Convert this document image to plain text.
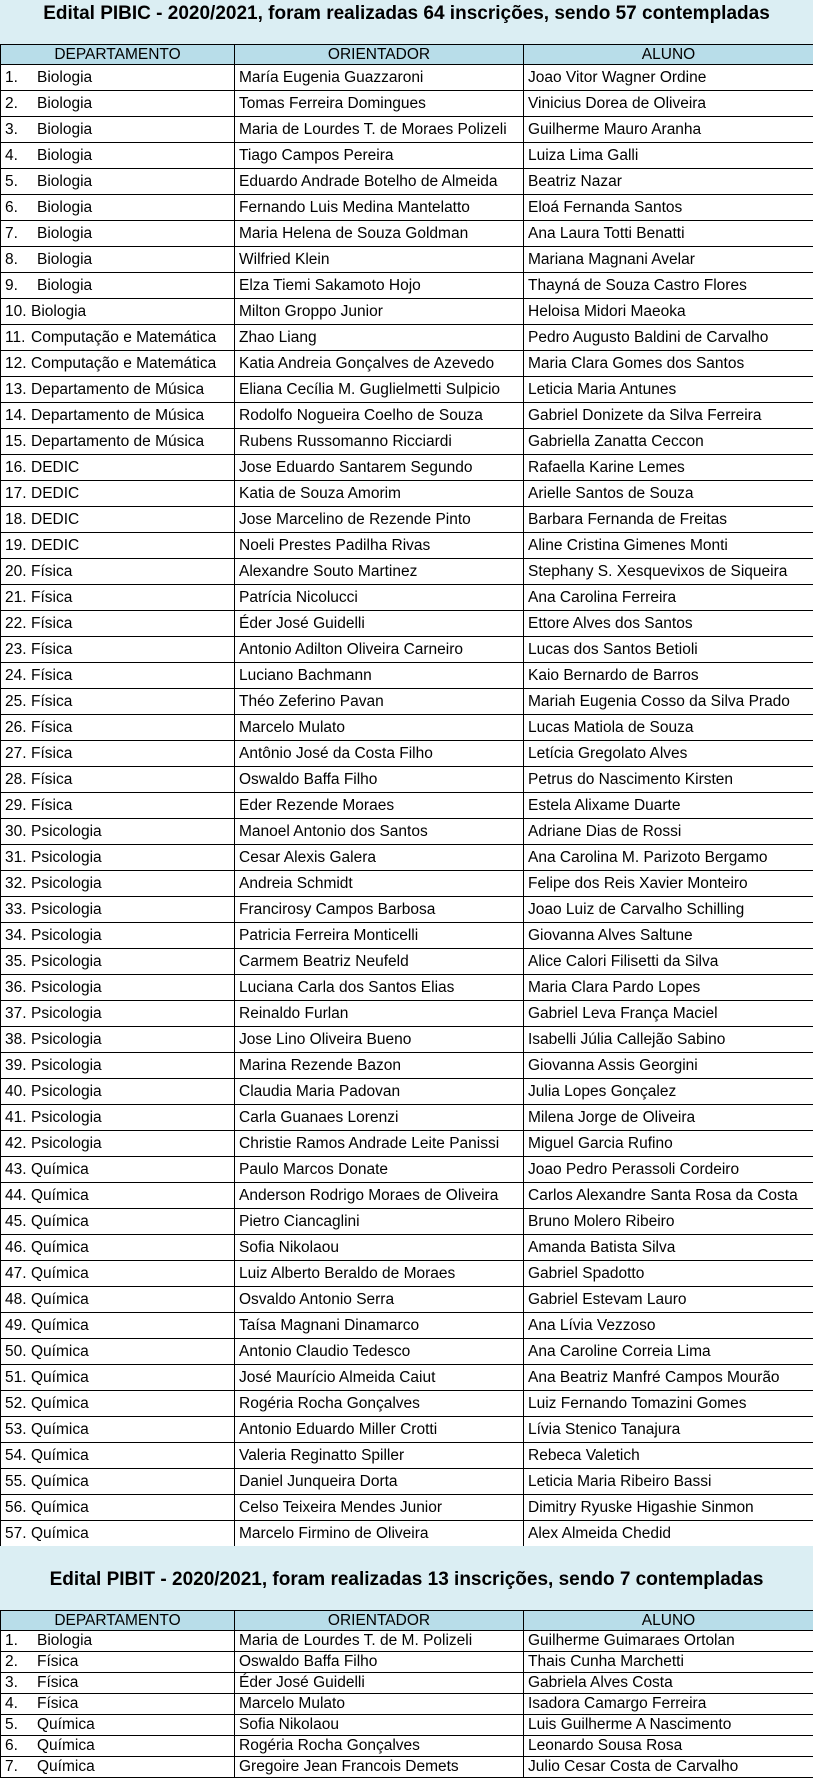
Edital PIBIC - 2020/2021, foram realizadas 64 inscrições, sendo 57 contempladas
DEPARTAMENTO	ORIENTADOR	ALUNO
1. Biologia	María Eugenia Guazzaroni	Joao Vitor Wagner Ordine
2. Biologia	Tomas Ferreira Domingues	Vinicius Dorea de Oliveira
3. Biologia	Maria de Lourdes T. de Moraes Polizeli	Guilherme Mauro Aranha
4. Biologia	Tiago Campos Pereira	Luiza Lima Galli
5. Biologia	Eduardo Andrade Botelho de Almeida	Beatriz Nazar
6. Biologia	Fernando Luis Medina Mantelatto	Eloá Fernanda Santos
7. Biologia	Maria Helena de Souza Goldman	Ana Laura Totti Benatti
8. Biologia	Wilfried Klein	Mariana Magnani Avelar
9. Biologia	Elza Tiemi Sakamoto Hojo	Thayná de Souza Castro Flores
10. Biologia	Milton Groppo Junior	Heloisa Midori Maeoka
11. Computação e Matemática	Zhao Liang	Pedro Augusto Baldini de Carvalho
12. Computação e Matemática	Katia Andreia Gonçalves de Azevedo	Maria Clara Gomes dos Santos
13. Departamento de Música	Eliana Cecília M. Guglielmetti Sulpicio	Leticia Maria Antunes
14. Departamento de Música	Rodolfo Nogueira Coelho de Souza	Gabriel Donizete da Silva Ferreira
15. Departamento de Música	Rubens Russomanno Ricciardi	Gabriella Zanatta Ceccon
16. DEDIC	Jose Eduardo Santarem Segundo	Rafaella Karine Lemes
17. DEDIC	Katia de Souza Amorim	Arielle Santos de Souza
18. DEDIC	Jose Marcelino de Rezende Pinto	Barbara Fernanda de Freitas
19. DEDIC	Noeli Prestes Padilha Rivas	Aline Cristina Gimenes Monti
20. Física	Alexandre Souto Martinez	Stephany S. Xesquevixos de Siqueira
21. Física	Patrícia Nicolucci	Ana Carolina Ferreira
22. Física	Éder José Guidelli	Ettore Alves dos Santos
23. Física	Antonio Adilton Oliveira Carneiro	Lucas dos Santos Betioli
24. Física	Luciano Bachmann	Kaio Bernardo de Barros
25. Física	Théo Zeferino Pavan	Mariah Eugenia Cosso da Silva Prado
26. Física	Marcelo Mulato	Lucas Matiola de Souza
27. Física	Antônio José da Costa Filho	Letícia Gregolato Alves
28. Física	Oswaldo Baffa Filho	Petrus do Nascimento Kirsten
29. Física	Eder Rezende Moraes	Estela Alixame Duarte
30. Psicologia	Manoel Antonio dos Santos	Adriane Dias de Rossi
31. Psicologia	Cesar Alexis Galera	Ana Carolina M. Parizoto Bergamo
32. Psicologia	Andreia Schmidt	Felipe dos Reis Xavier Monteiro
33. Psicologia	Francirosy Campos Barbosa	Joao Luiz de Carvalho Schilling
34. Psicologia	Patricia Ferreira Monticelli	Giovanna Alves Saltune
35. Psicologia	Carmem Beatriz Neufeld	Alice Calori Filisetti da Silva
36. Psicologia	Luciana Carla dos Santos Elias	Maria Clara Pardo Lopes
37. Psicologia	Reinaldo Furlan	Gabriel Leva França Maciel
38. Psicologia	Jose Lino Oliveira Bueno	Isabelli Júlia Callejão Sabino
39. Psicologia	Marina Rezende Bazon	Giovanna Assis Georgini
40. Psicologia	Claudia Maria Padovan	Julia Lopes Gonçalez
41. Psicologia	Carla Guanaes Lorenzi	Milena Jorge de Oliveira
42. Psicologia	Christie Ramos Andrade Leite Panissi	Miguel Garcia Rufino
43. Química	Paulo Marcos Donate	Joao Pedro Perassoli Cordeiro
44. Química	Anderson Rodrigo Moraes de Oliveira	Carlos Alexandre Santa Rosa da Costa
45. Química	Pietro Ciancaglini	Bruno Molero Ribeiro
46. Química	Sofia Nikolaou	Amanda Batista Silva
47. Química	Luiz Alberto Beraldo de Moraes	Gabriel Spadotto
48. Química	Osvaldo Antonio Serra	Gabriel Estevam Lauro
49. Química	Taísa Magnani Dinamarco	Ana Lívia Vezzoso
50. Química	Antonio Claudio Tedesco	Ana Caroline Correia Lima
51. Química	José Maurício Almeida Caiut	Ana Beatriz Manfré Campos Mourão
52. Química	Rogéria Rocha Gonçalves	Luiz Fernando Tomazini Gomes
53. Química	Antonio Eduardo Miller Crotti	Lívia Stenico Tanajura
54. Química	Valeria Reginatto Spiller	Rebeca Valetich
55. Química	Daniel Junqueira Dorta	Leticia Maria Ribeiro Bassi
56. Química	Celso Teixeira Mendes Junior	Dimitry Ryuske Higashie Sinmon
57. Química	Marcelo Firmino de Oliveira	Alex Almeida Chedid
Edital PIBIT - 2020/2021, foram realizadas 13 inscrições, sendo 7 contempladas
DEPARTAMENTO	ORIENTADOR	ALUNO
1. Biologia	Maria de Lourdes T. de M. Polizeli	Guilherme Guimaraes Ortolan
2. Física	Oswaldo Baffa Filho	Thais Cunha Marchetti
3. Física	Éder José Guidelli	Gabriela Alves Costa
4. Física	Marcelo Mulato	Isadora Camargo Ferreira
5. Química	Sofia Nikolaou	Luis Guilherme A Nascimento
6. Química	Rogéria Rocha Gonçalves	Leonardo Sousa Rosa
7. Química	Gregoire Jean Francois Demets	Julio Cesar Costa de Carvalho
